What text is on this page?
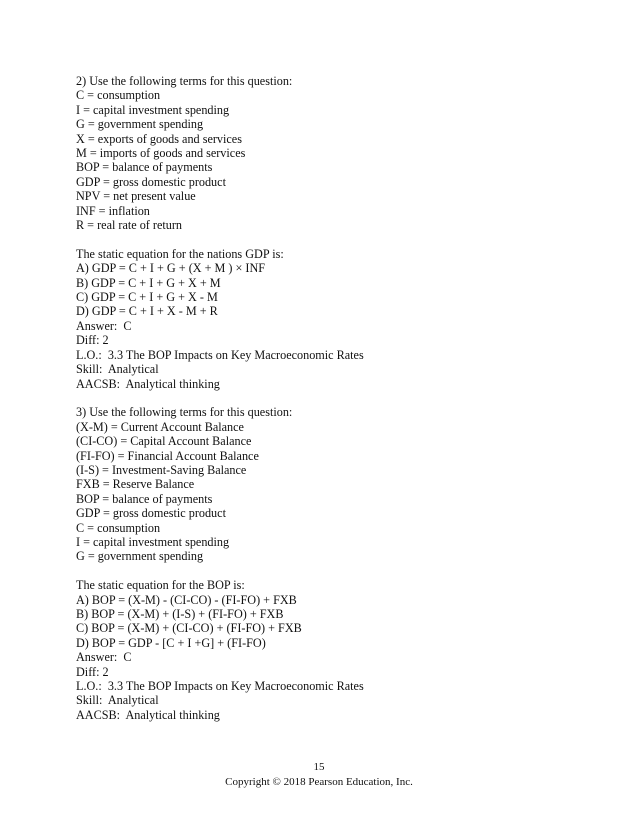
2) Use the following terms for this question:
C = consumption
I = capital investment spending
G = government spending
X = exports of goods and services
M = imports of goods and services
BOP = balance of payments
GDP = gross domestic product
NPV = net present value
INF = inflation
R = real rate of return
The static equation for the nations GDP is:
A) GDP = C + I + G + (X + M ) × INF
B) GDP = C + I + G + X + M
C) GDP = C + I + G + X - M
D) GDP = C + I + X - M + R
Answer:  C
Diff: 2
L.O.:  3.3 The BOP Impacts on Key Macroeconomic Rates
Skill:  Analytical
AACSB:  Analytical thinking
3) Use the following terms for this question:
(X-M) = Current Account Balance
(CI-CO) = Capital Account Balance
(FI-FO) = Financial Account Balance
(I-S) = Investment-Saving Balance
FXB = Reserve Balance
BOP = balance of payments
GDP = gross domestic product
C = consumption
I = capital investment spending
G = government spending
The static equation for the BOP is:
A) BOP = (X-M) - (CI-CO) - (FI-FO) + FXB
B) BOP = (X-M) + (I-S) + (FI-FO) + FXB
C) BOP = (X-M) + (CI-CO) + (FI-FO) + FXB
D) BOP = GDP - [C + I +G] + (FI-FO)
Answer:  C
Diff: 2
L.O.:  3.3 The BOP Impacts on Key Macroeconomic Rates
Skill:  Analytical
AACSB:  Analytical thinking
15
Copyright © 2018 Pearson Education, Inc.
